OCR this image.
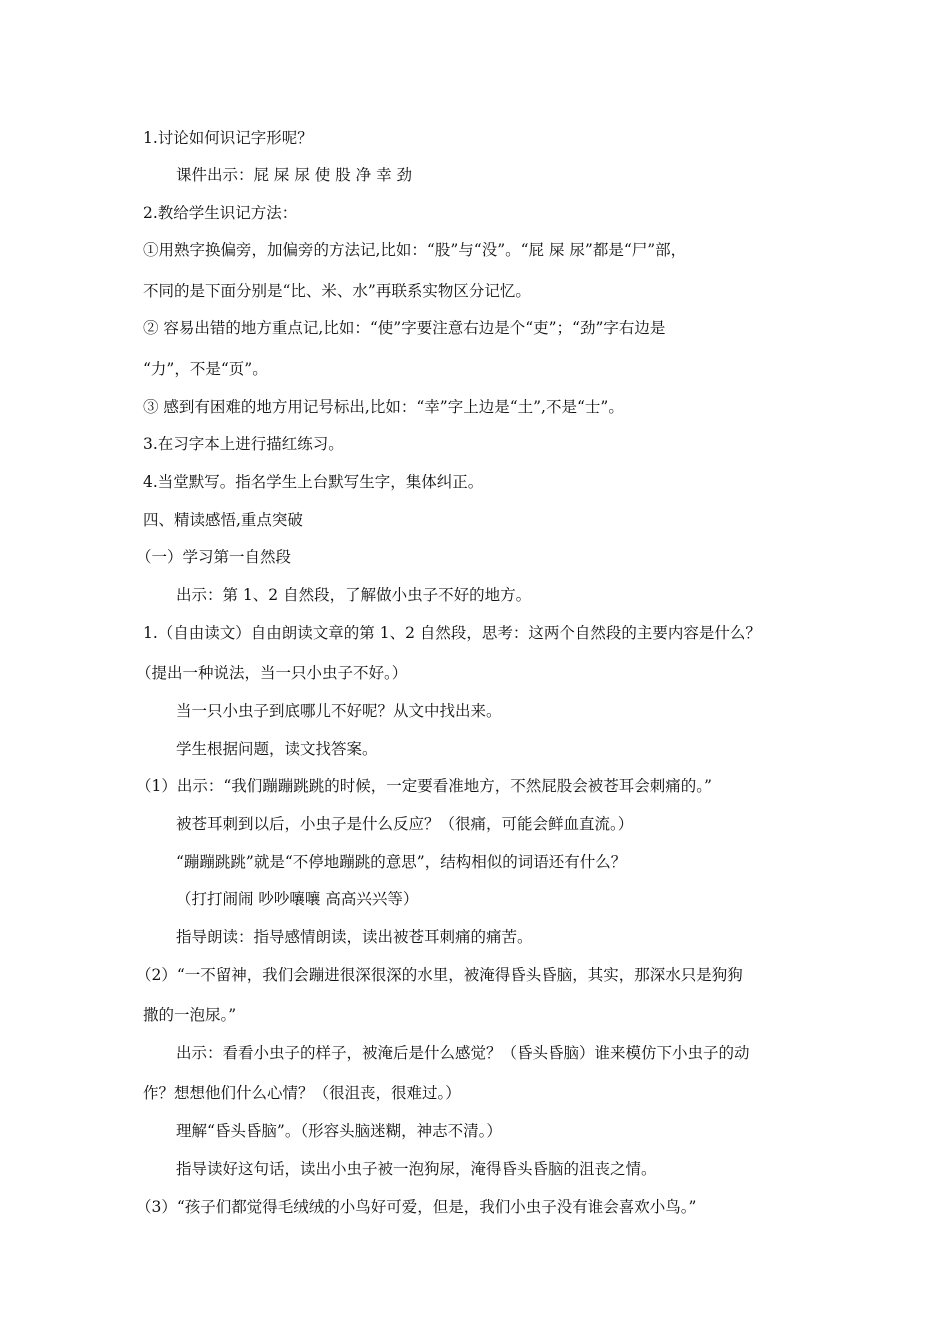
1.讨论如何识记字形呢？
课件出示：屁 屎 尿 使 股 净 幸 劲
2.教给学生识记方法：
①用熟字换偏旁，加偏旁的方法记,比如：“股”与“没”。“屁 屎 尿”都是“尸”部，
不同的是下面分别是“比、米、水”再联系实物区分记忆。
② 容易出错的地方重点记,比如：“使”字要注意右边是个“吏”；“劲”字右边是
“力”，不是“页”。
③ 感到有困难的地方用记号标出,比如：“幸”字上边是“土”,不是“士”。
3.在习字本上进行描红练习。
4.当堂默写。指名学生上台默写生字，集体纠正。
四、精读感悟,重点突破
（一）学习第一自然段
出示：第 1、2 自然段，了解做小虫子不好的地方。
1.（自由读文）自由朗读文章的第 1、2 自然段，思考：这两个自然段的主要内容是什么？
（提出一种说法，当一只小虫子不好。）
当一只小虫子到底哪儿不好呢？从文中找出来。
学生根据问题，读文找答案。
（1）出示：“我们蹦蹦跳跳的时候，一定要看准地方，不然屁股会被苍耳会刺痛的。”
被苍耳刺到以后，小虫子是什么反应？（很痛，可能会鲜血直流。）
“蹦蹦跳跳”就是“不停地蹦跳的意思”，结构相似的词语还有什么？
（打打闹闹 吵吵嚷嚷 高高兴兴等）
指导朗读：指导感情朗读，读出被苍耳刺痛的痛苦。
（2）“一不留神，我们会蹦进很深很深的水里，被淹得昏头昏脑，其实，那深水只是狗狗
撒的一泡尿。”
出示：看看小虫子的样子，被淹后是什么感觉？（昏头昏脑）谁来模仿下小虫子的动
作？想想他们什么心情？（很沮丧，很难过。）
理解“昏头昏脑”。（形容头脑迷糊，神志不清。）
指导读好这句话，读出小虫子被一泡狗尿，淹得昏头昏脑的沮丧之情。
（3）“孩子们都觉得毛绒绒的小鸟好可爱，但是，我们小虫子没有谁会喜欢小鸟。”
